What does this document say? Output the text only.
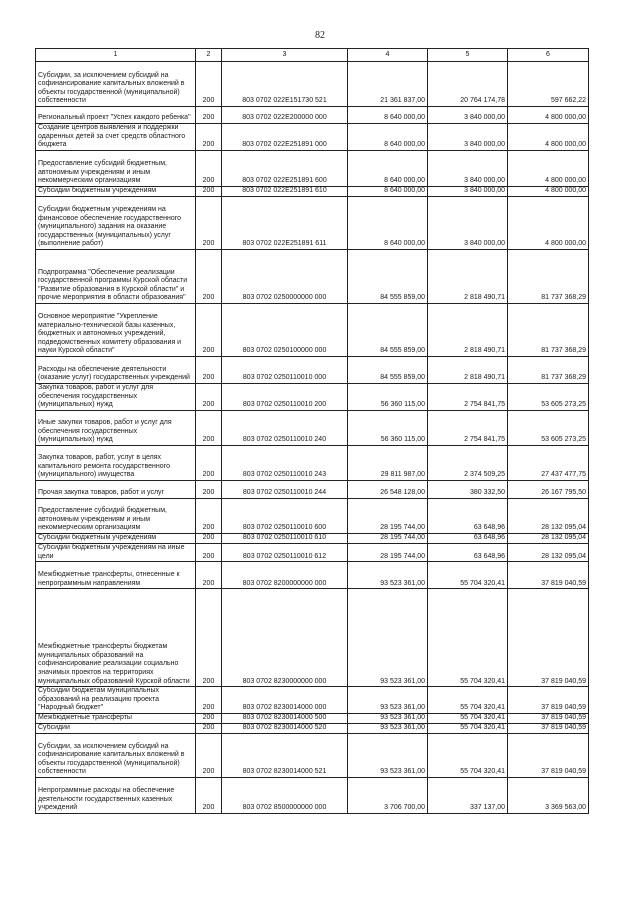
82
1	2	3	4	5	6
Субсидии, за исключением субсидий на софинансирование капитальных вложений в объекты государственной (муниципальной) собственности	200	803 0702 022E151730 521	21 361 837,00	20 764 174,78	597 662,22
Региональный проект "Успех каждого ребенка"	200	803 0702 022E200000 000	8 640 000,00	3 840 000,00	4 800 000,00
Создание центров выявления и поддержки одаренных детей за счет средств областного бюджета	200	803 0702 022E251891 000	8 640 000,00	3 840 000,00	4 800 000,00
Предоставление субсидий бюджетным, автономным учреждениям и иным некоммерческим организациям	200	803 0702 022E251891 600	8 640 000,00	3 840 000,00	4 800 000,00
Субсидии бюджетным учреждениям	200	803 0702 022E251891 610	8 640 000,00	3 840 000,00	4 800 000,00
Субсидии бюджетным учреждениям на финансовое обеспечение государственного (муниципального) задания на оказание государственных (муниципальных) услуг (выполнение работ)	200	803 0702 022E251891 611	8 640 000,00	3 840 000,00	4 800 000,00
Подпрограмма "Обеспечение реализации государственной программы Курской области "Развитие образования в Курской области" и прочие мероприятия в области образования"	200	803 0702 0250000000 000	84 555 859,00	2 818 490,71	81 737 368,29
Основное мероприятие "Укрепление материально-технической базы казенных, бюджетных и автономных учреждений, подведомственных комитету образования и науки Курской области"	200	803 0702 0250100000 000	84 555 859,00	2 818 490,71	81 737 368,29
Расходы на обеспечение деятельности (оказание услуг) государственных учреждений	200	803 0702 0250110010 000	84 555 859,00	2 818 490,71	81 737 368,29
Закупка товаров, работ и услуг для обеспечения государственных (муниципальных) нужд	200	803 0702 0250110010 200	56 360 115,00	2 754 841,75	53 605 273,25
Иные закупки товаров, работ и услуг для обеспечения государственных (муниципальных) нужд	200	803 0702 0250110010 240	56 360 115,00	2 754 841,75	53 605 273,25
Закупка товаров, работ, услуг в целях капитального ремонта государственного (муниципального) имущества	200	803 0702 0250110010 243	29 811 987,00	2 374 509,25	27 437 477,75
Прочая закупка товаров, работ и услуг	200	803 0702 0250110010 244	26 548 128,00	380 332,50	26 167 795,50
Предоставление субсидий бюджетным, автономным учреждениям и иным некоммерческим организациям	200	803 0702 0250110010 600	28 195 744,00	63 648,96	28 132 095,04
Субсидии бюджетным учреждениям	200	803 0702 0250110010 610	28 195 744,00	63 648,96	28 132 095,04
Субсидии бюджетным учреждениям на иные цели	200	803 0702 0250110010 612	28 195 744,00	63 648,96	28 132 095,04
Межбюджетные трансферты, отнесенные к непрограммным направлениям	200	803 0702 8200000000 000	93 523 361,00	55 704 320,41	37 819 040,59
Межбюджетные трансферты бюджетам муниципальных образований на софинансирование реализации социально значимых проектов на территориях муниципальных образований Курской области	200	803 0702 8230000000 000	93 523 361,00	55 704 320,41	37 819 040,59
Субсидии бюджетам муниципальных образований на реализацию проекта "Народный бюджет"	200	803 0702 8230014000 000	93 523 361,00	55 704 320,41	37 819 040,59
Межбюджетные трансферты	200	803 0702 8230014000 500	93 523 361,00	55 704 320,41	37 819 040,59
Субсидии	200	803 0702 8230014000 520	93 523 361,00	55 704 320,41	37 819 040,59
Субсидии, за исключением субсидий на софинансирование капитальных вложений в объекты государственной (муниципальной) собственности	200	803 0702 8230014000 521	93 523 361,00	55 704 320,41	37 819 040,59
Непрограммные расходы на обеспечение деятельности государственных казенных учреждений	200	803 0702 8500000000 000	3 706 700,00	337 137,00	3 369 563,00
